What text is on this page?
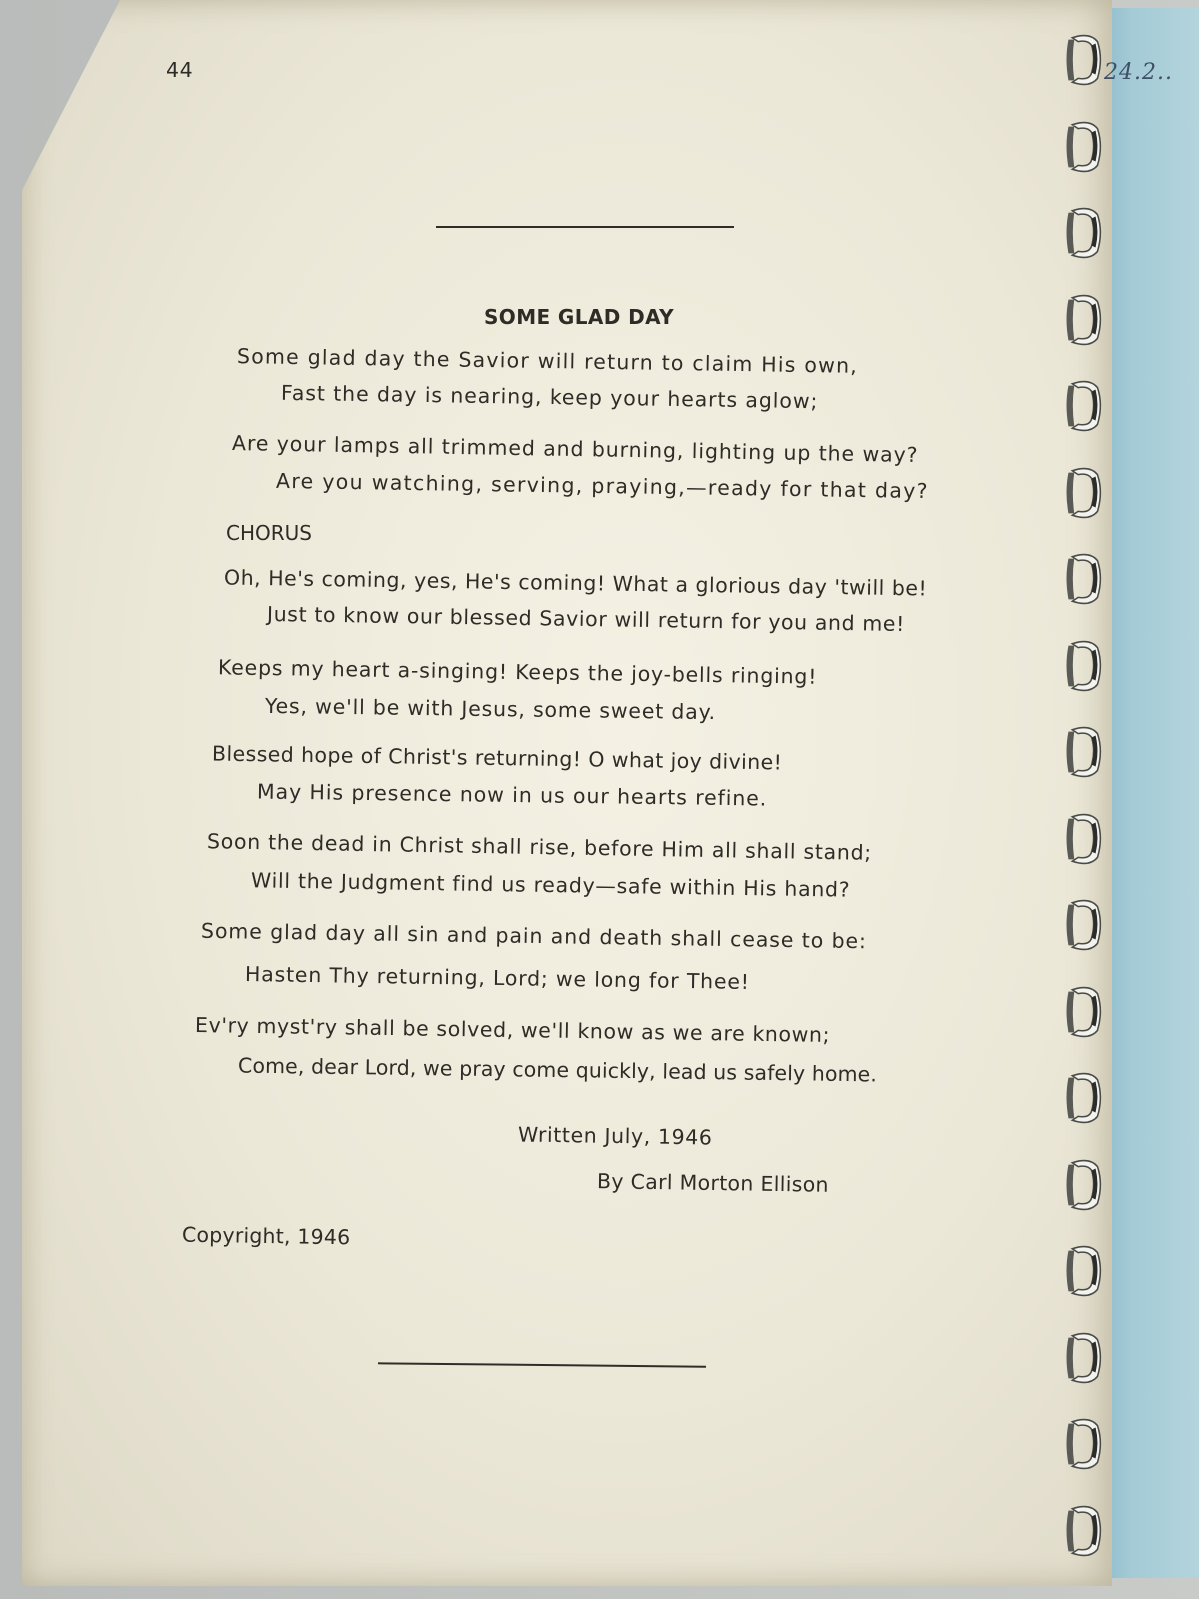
24.2..
44
SOME GLAD DAY
Some glad day the Savior will return to claim His own,
Fast the day is nearing, keep your hearts aglow;
Are your lamps all trimmed and burning, lighting up the way?
Are you watching, serving, praying,—ready for that day?
CHORUS
Oh, He's coming, yes, He's coming! What a glorious day 'twill be!
Just to know our blessed Savior will return for you and me!
Keeps my heart a-singing! Keeps the joy-bells ringing!
Yes, we'll be with Jesus, some sweet day.
Blessed hope of Christ's returning! O what joy divine!
May His presence now in us our hearts refine.
Soon the dead in Christ shall rise, before Him all shall stand;
Will the Judgment find us ready—safe within His hand?
Some glad day all sin and pain and death shall cease to be:
Hasten Thy returning, Lord; we long for Thee!
Ev'ry myst'ry shall be solved, we'll know as we are known;
Come, dear Lord, we pray come quickly, lead us safely home.
Written July, 1946
By Carl Morton Ellison
Copyright, 1946
